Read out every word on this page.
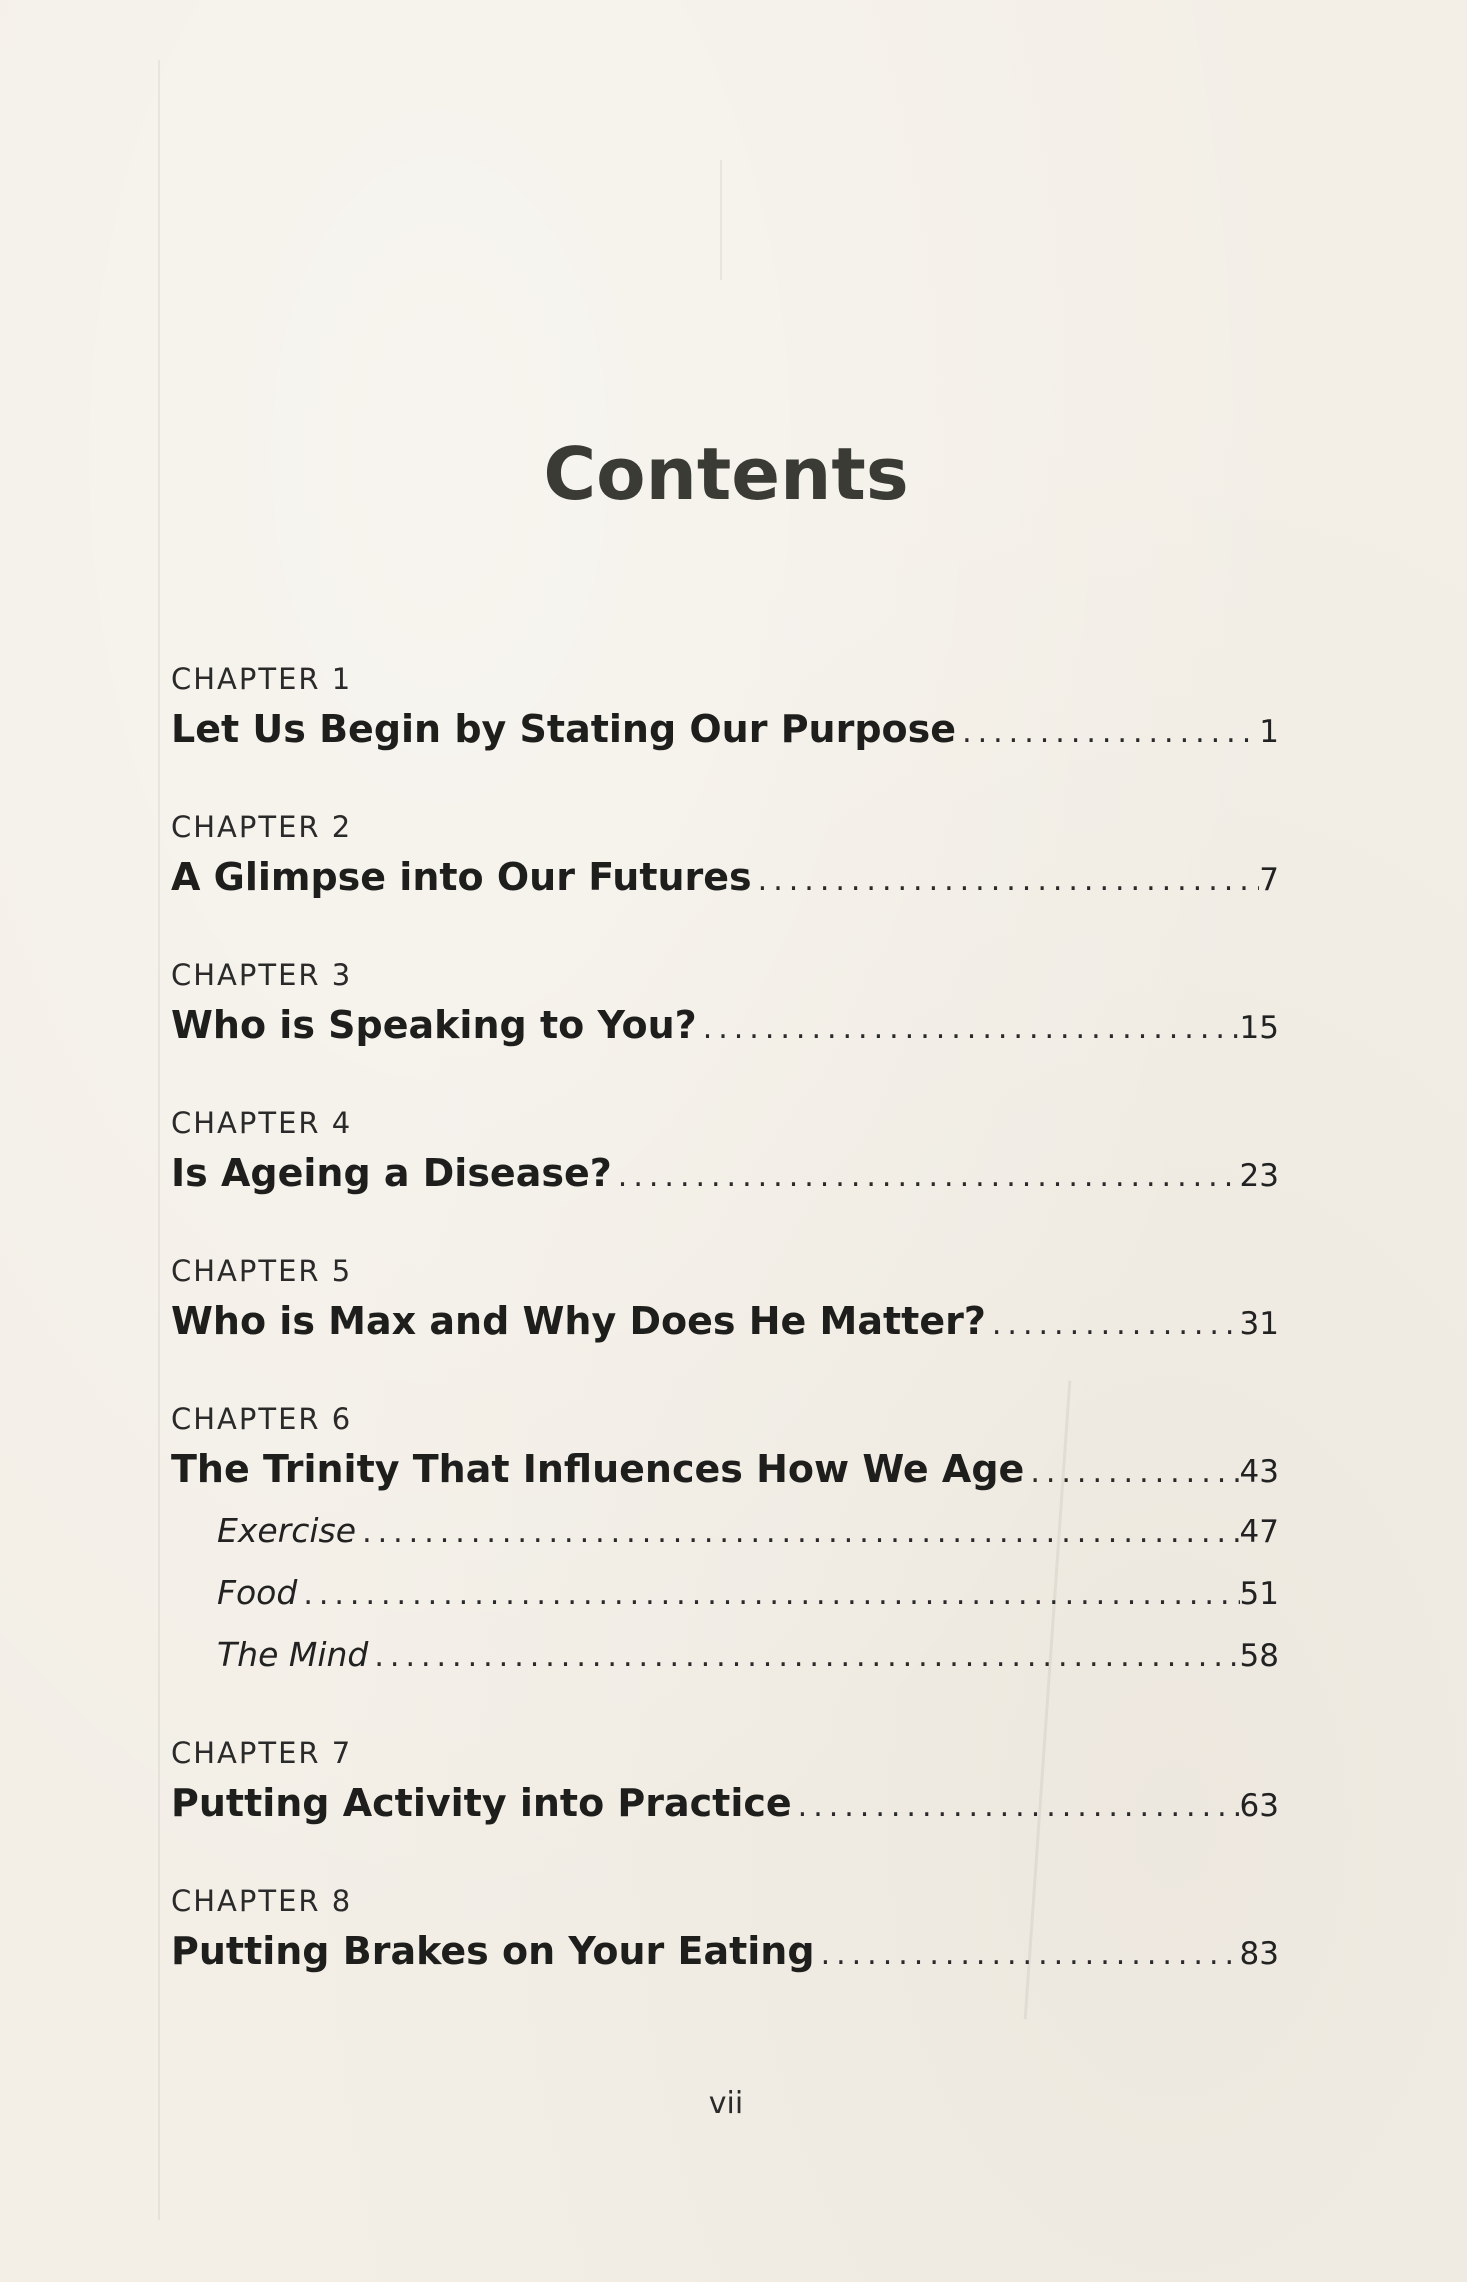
Contents
CHAPTER 1
Let Us Begin by Stating Our Purpose .....	1
CHAPTER 2
A Glimpse into Our Futures .....	7
CHAPTER 3
Who is Speaking to You? .....	15
CHAPTER 4
Is Ageing a Disease? .....	23
CHAPTER 5
Who is Max and Why Does He Matter? .....	31
CHAPTER 6
The Trinity That Influences How We Age .....	43
Exercise .....	47
Food .....	51
The Mind .....	58
CHAPTER 7
Putting Activity into Practice .....	63
CHAPTER 8
Putting Brakes on Your Eating .....	83
vii
